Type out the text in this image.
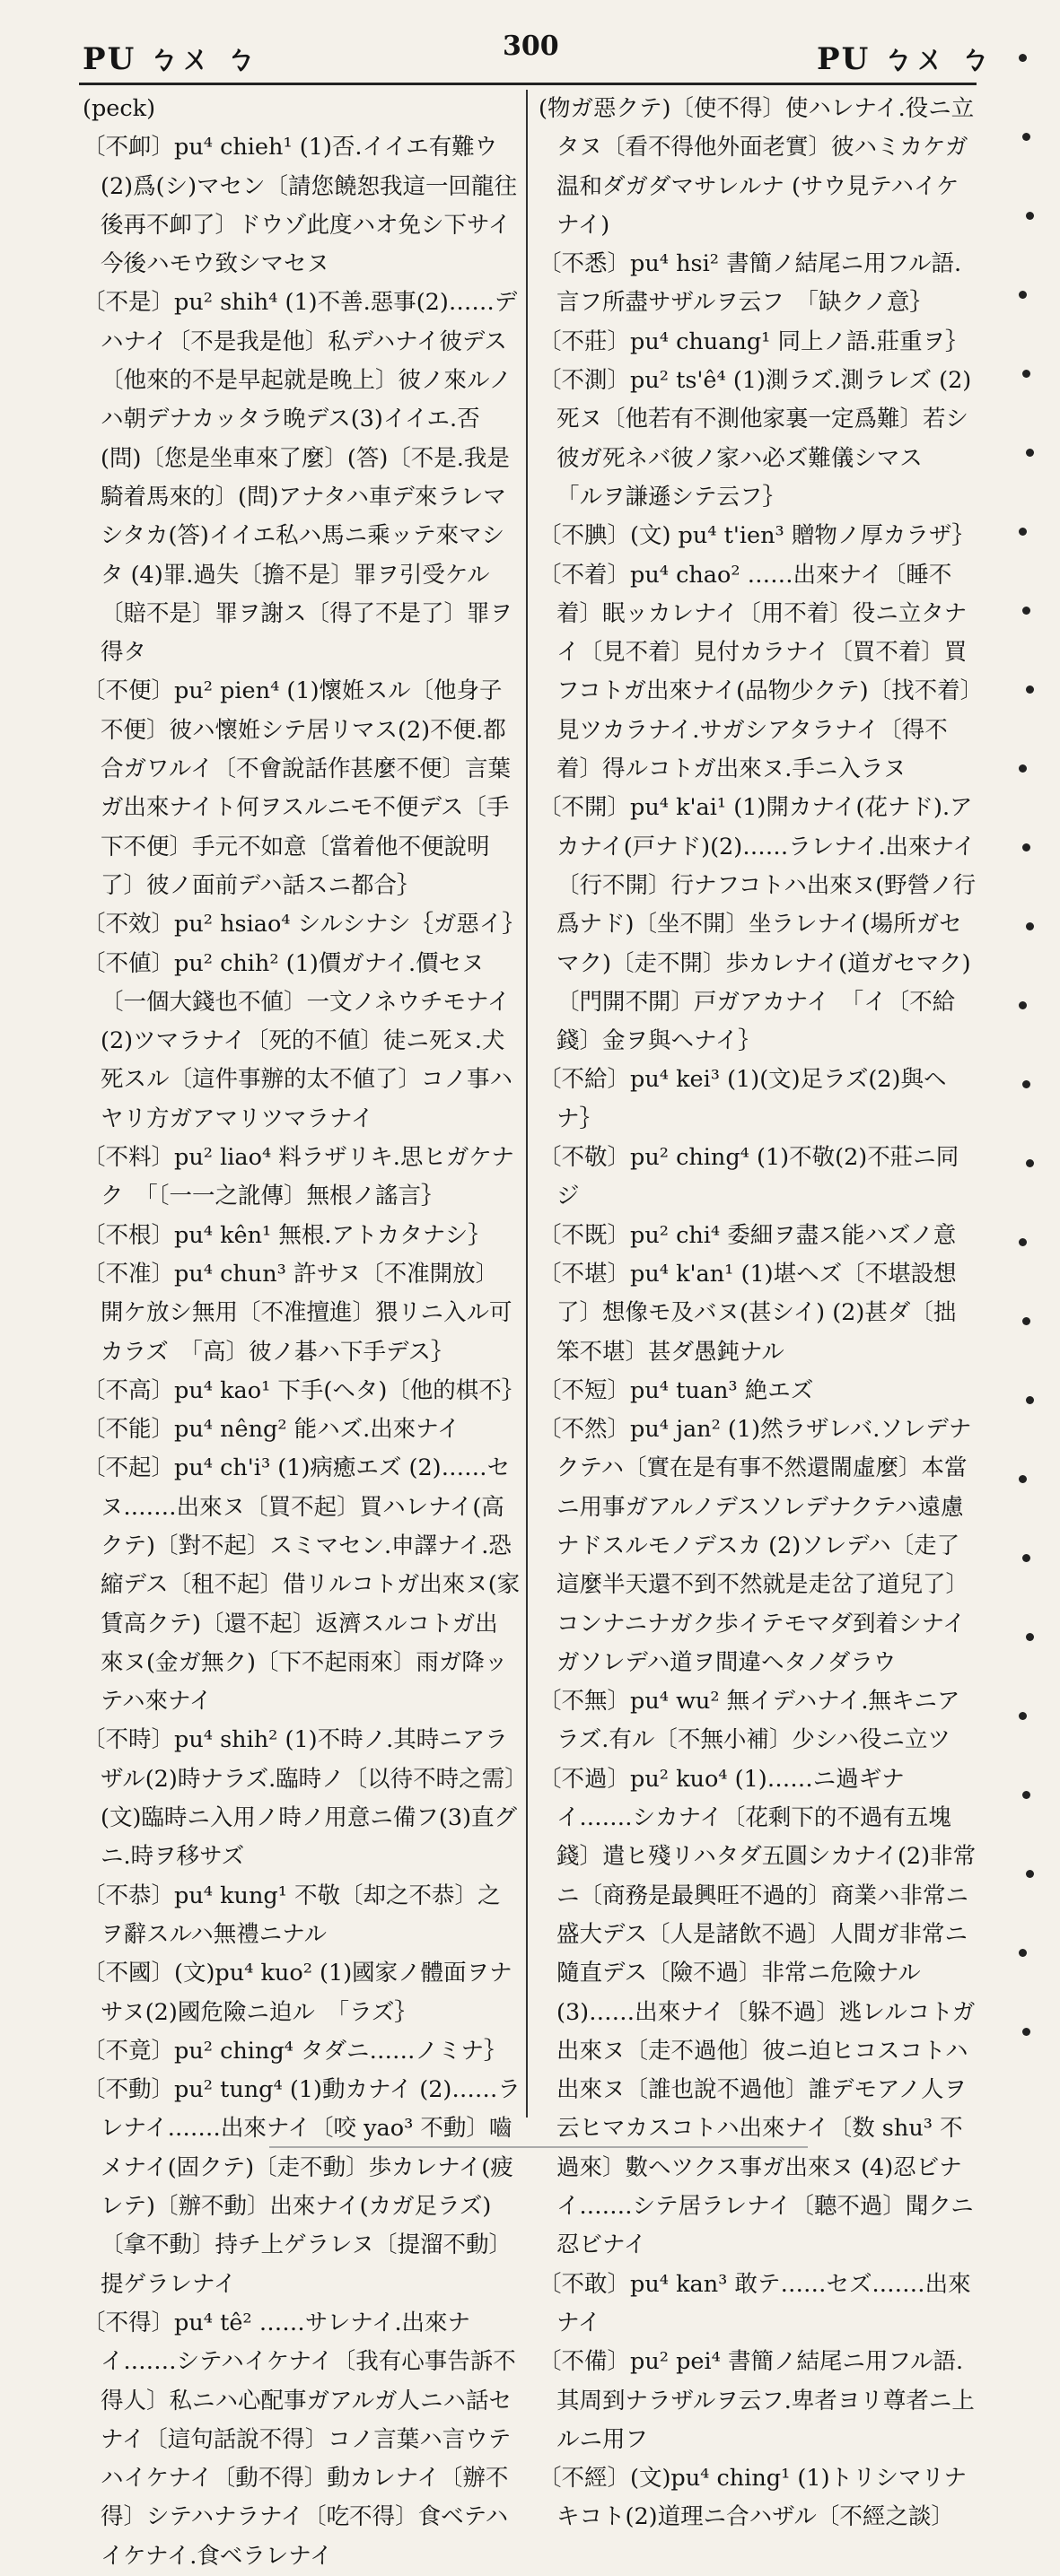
PU ㄅㄨ ㄅ	300	PU ㄅㄨ ㄅ

(peck)

〔不卹〕pu⁴ chieh¹ (1)否.イイエ有難ウ(2)爲(シ)マセン〔請您饒恕我這一回龍往後再不卹了〕ドウゾ此度ハオ免シ下サイ今後ハモウ致シマセヌ

〔不是〕pu² shih⁴ (1)不善.惡事(2)……デハナイ〔不是我是他〕私デハナイ彼デス〔他來的不是早起就是晚上〕彼ノ來ルノハ朝デナカッタラ晩デス(3)イイエ.否(問)〔您是坐車來了麼〕(答)〔不是.我是騎着馬來的〕(問)アナタハ車デ來ラレマシタカ(答)イイエ私ハ馬ニ乘ッテ來マシタ (4)罪.過失〔擔不是〕罪ヲ引受ケル〔賠不是〕罪ヲ謝ス〔得了不是了〕罪ヲ得タ

〔不便〕pu² pien⁴ (1)懷姙スル〔他身子不便〕彼ハ懷姙シテ居リマス(2)不便.都合ガワルイ〔不會說話作甚麼不便〕言葉ガ出來ナイト何ヲスルニモ不便デス〔手下不便〕手元不如意〔當着他不便說明了〕彼ノ面前デハ話スニ都合｝

〔不效〕pu² hsiao⁴ シルシナシ｛ガ惡イ｝

〔不値〕pu² chih² (1)價ガナイ.價セヌ〔一個大錢也不値〕一文ノネウチモナイ(2)ツマラナイ〔死的不値〕徒ニ死ヌ.犬死スル〔這件事辦的太不値了〕コノ事ハヤリ方ガアマリツマラナイ

〔不料〕pu² liao⁴ 料ラザリキ.思ヒガケナク　「〔一一之訛傳〕無根ノ謠言｝

〔不根〕pu⁴ kên¹ 無根.アトカタナシ｝

〔不准〕pu⁴ chun³ 許サヌ〔不准開放〕開ケ放シ無用〔不准擅進〕猥リニ入ル可カラズ　「高〕彼ノ碁ハ下手デス｝

〔不高〕pu⁴ kao¹ 下手(ヘタ)〔他的棋不｝

〔不能〕pu⁴ nêng² 能ハズ.出來ナイ

〔不起〕pu⁴ ch'i³ (1)病癒エズ (2)……セヌ.……出來ヌ〔買不起〕買ハレナイ(高クテ)〔對不起〕スミマセン.申譯ナイ.恐縮デス〔租不起〕借リルコトガ出來ヌ(家賃高クテ)〔還不起〕返濟スルコトガ出來ヌ(金ガ無ク)〔下不起雨來〕雨ガ降ッテハ來ナイ

〔不時〕pu⁴ shih² (1)不時ノ.其時ニアラザル(2)時ナラズ.臨時ノ〔以待不時之需〕(文)臨時ニ入用ノ時ノ用意ニ備フ(3)直グニ.時ヲ移サズ

〔不恭〕pu⁴ kung¹ 不敬〔却之不恭〕之ヲ辭スルハ無禮ニナル

〔不國〕(文)pu⁴ kuo² (1)國家ノ體面ヲナサヌ(2)國危險ニ迫ル　「ラズ｝

〔不竟〕pu² ching⁴ タダニ……ノミナ｝

〔不動〕pu² tung⁴ (1)動カナイ (2)……ラレナイ.……出來ナイ〔咬 yao³ 不動〕嚙メナイ(固クテ)〔走不動〕歩カレナイ(疲レテ)〔辦不動〕出來ナイ(カガ足ラズ)〔拿不動〕持チ上ゲラレヌ〔提溜不動〕提ゲラレナイ

〔不得〕pu⁴ tê² ……サレナイ.出來ナイ.……シテハイケナイ〔我有心事告訴不得人〕私ニハ心配事ガアルガ人ニハ話セナイ〔這句話說不得〕コノ言葉ハ言ウテハイケナイ〔動不得〕動カレナイ〔辦不得〕シテハナラナイ〔吃不得〕食ベテハイケナイ.食ベラレナイ

(物ガ惡クテ)〔使不得〕使ハレナイ.役ニ立タヌ〔看不得他外面老實〕彼ハミカケガ温和ダガダマサレルナ (サウ見テハイケナイ)

〔不悉〕pu⁴ hsi² 書簡ノ結尾ニ用フル語.言フ所盡サザルヲ云フ　「缺クノ意｝

〔不莊〕pu⁴ chuang¹ 同上ノ語.莊重ヲ｝

〔不測〕pu² ts'ê⁴ (1)測ラズ.測ラレズ (2)死ヌ〔他若有不測他家裏一定爲難〕若シ彼ガ死ネバ彼ノ家ハ必ズ難儀シマス　「ルヲ謙遜シテ云フ｝

〔不腆〕(文) pu⁴ t'ien³ 贈物ノ厚カラザ｝

〔不着〕pu⁴ chao² ……出來ナイ〔睡不着〕眠ッカレナイ〔用不着〕役ニ立タナイ〔見不着〕見付カラナイ〔買不着〕買フコトガ出來ナイ(品物少クテ)〔找不着〕見ツカラナイ.サガシアタラナイ〔得不着〕得ルコトガ出來ヌ.手ニ入ラヌ

〔不開〕pu⁴ k'ai¹ (1)開カナイ(花ナド).アカナイ(戸ナド)(2)……ラレナイ.出來ナイ〔行不開〕行ナフコトハ出來ヌ(野營ノ行爲ナド)〔坐不開〕坐ラレナイ(場所ガセマク)〔走不開〕歩カレナイ(道ガセマク)〔門開不開〕戸ガアカナイ　「イ〔不給錢〕金ヲ與ヘナイ｝

〔不給〕pu⁴ kei³ (1)(文)足ラズ(2)與ヘナ｝

〔不敬〕pu² ching⁴ (1)不敬(2)不莊ニ同ジ

〔不既〕pu² chi⁴ 委細ヲ盡ス能ハズノ意

〔不堪〕pu⁴ k'an¹ (1)堪ヘズ〔不堪設想了〕想像モ及バヌ(甚シイ) (2)甚ダ〔拙笨不堪〕甚ダ愚鈍ナル

〔不短〕pu⁴ tuan³ 絶エズ

〔不然〕pu⁴ jan² (1)然ラザレバ.ソレデナクテハ〔實在是有事不然還閙虛麼〕本當ニ用事ガアルノデスソレデナクテハ遠慮ナドスルモノデスカ (2)ソレデハ〔走了這麼半天還不到不然就是走岔了道兒了〕コンナニナガク歩イテモマダ到着シナイガソレデハ道ヲ間違ヘタノダラウ

〔不無〕pu⁴ wu² 無イデハナイ.無キニアラズ.有ル〔不無小補〕少シハ役ニ立ツ

〔不過〕pu² kuo⁴ (1)……ニ過ギナイ.……シカナイ〔花剩下的不過有五塊錢〕遣ヒ殘リハタダ五圓シカナイ(2)非常ニ〔商務是最興旺不過的〕商業ハ非常ニ盛大デス〔人是諸飲不過〕人間ガ非常ニ隨直デス〔險不過〕非常ニ危險ナル (3)……出來ナイ〔躲不過〕逃レルコトガ出來ヌ〔走不過他〕彼ニ迫ヒコスコトハ出來ヌ〔誰也說不過他〕誰デモアノ人ヲ云ヒマカスコトハ出來ナイ〔数 shu³ 不過來〕數ヘツクス事ガ出來ヌ (4)忍ビナイ.……シテ居ラレナイ〔聽不過〕聞クニ忍ビナイ

〔不敢〕pu⁴ kan³ 敢テ……セズ.……出來ナイ

〔不備〕pu² pei⁴ 書簡ノ結尾ニ用フル語.其周到ナラザルヲ云フ.卑者ヨリ尊者ニ上ルニ用フ

〔不經〕(文)pu⁴ ching¹ (1)トリシマリナキコト(2)道理ニ合ハザル〔不經之談〕
